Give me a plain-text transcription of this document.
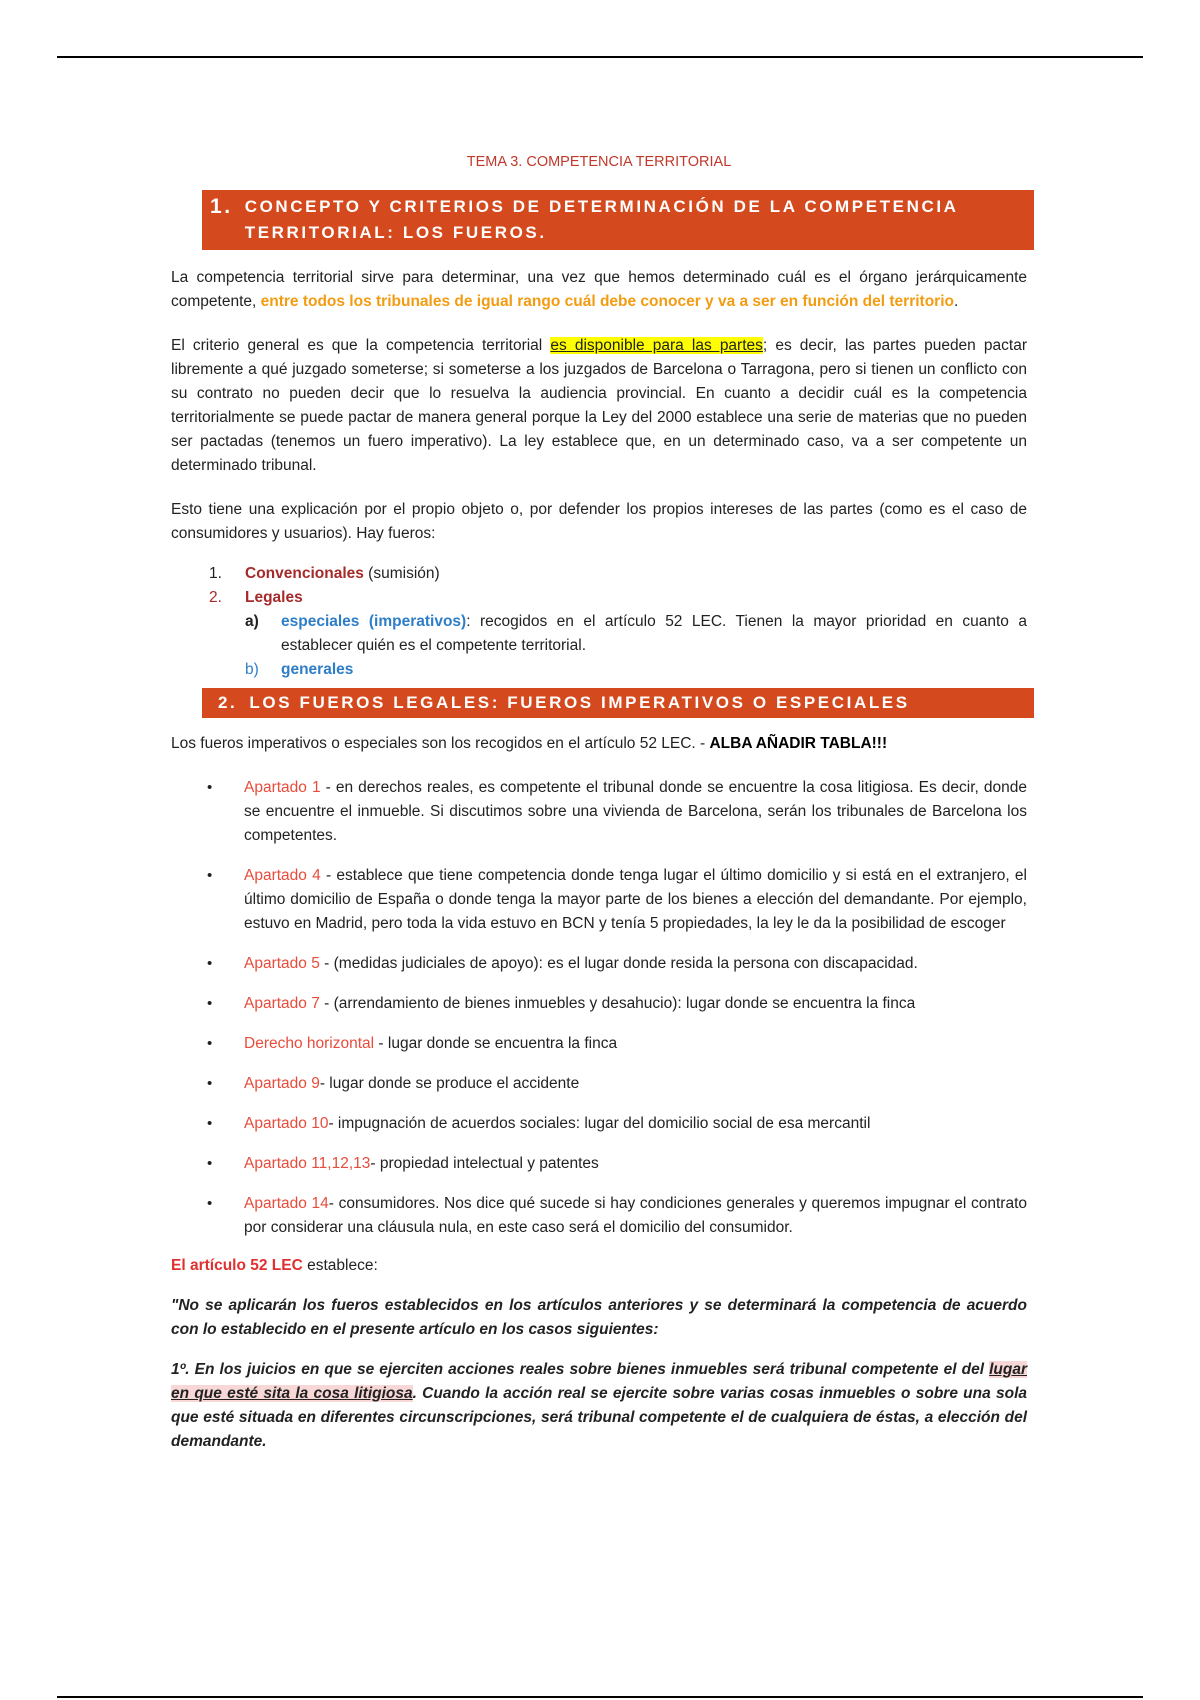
TEMA 3. COMPETENCIA TERRITORIAL
1. CONCEPTO Y CRITERIOS DE DETERMINACIÓN DE LA COMPETENCIA TERRITORIAL: LOS FUEROS.

La competencia territorial sirve para determinar, una vez que hemos determinado cuál es el órgano jerárquicamente competente, entre todos los tribunales de igual rango cuál debe conocer y va a ser en función del territorio.

El criterio general es que la competencia territorial es disponible para las partes; es decir, las partes pueden pactar libremente a qué juzgado someterse; si someterse a los juzgados de Barcelona o Tarragona, pero si tienen un conflicto con su contrato no pueden decir que lo resuelva la audiencia provincial. En cuanto a decidir cuál es la competencia territorialmente se puede pactar de manera general porque la Ley del 2000 establece una serie de materias que no pueden ser pactadas (tenemos un fuero imperativo). La ley establece que, en un determinado caso, va a ser competente un determinado tribunal.

Esto tiene una explicación por el propio objeto o, por defender los propios intereses de las partes (como es el caso de consumidores y usuarios). Hay fueros:

1.	Convencionales (sumisión)
2.	Legales
a)	especiales (imperativos): recogidos en el artículo 52 LEC. Tienen la mayor prioridad en cuanto a establecer quién es el competente territorial.
b)	generales
2. LOS FUEROS LEGALES: FUEROS IMPERATIVOS O ESPECIALES

Los fueros imperativos o especiales son los recogidos en el artículo 52 LEC. - ALBA AÑADIR TABLA!!!

•	Apartado 1 - en derechos reales, es competente el tribunal donde se encuentre la cosa litigiosa. Es decir, donde se encuentre el inmueble. Si discutimos sobre una vivienda de Barcelona, serán los tribunales de Barcelona los competentes.
•	Apartado 4 - establece que tiene competencia donde tenga lugar el último domicilio y si está en el extranjero, el último domicilio de España o donde tenga la mayor parte de los bienes a elección del demandante. Por ejemplo, estuvo en Madrid, pero toda la vida estuvo en BCN y tenía 5 propiedades, la ley le da la posibilidad de escoger
•	Apartado 5 - (medidas judiciales de apoyo): es el lugar donde resida la persona con discapacidad.
•	Apartado 7 - (arrendamiento de bienes inmuebles y desahucio): lugar donde se encuentra la finca
•	Derecho horizontal - lugar donde se encuentra la finca
•	Apartado 9- lugar donde se produce el accidente
•	Apartado 10- impugnación de acuerdos sociales: lugar del domicilio social de esa mercantil
•	Apartado 11,12,13- propiedad intelectual y patentes
•	Apartado 14- consumidores. Nos dice qué sucede si hay condiciones generales y queremos impugnar el contrato por considerar una cláusula nula, en este caso será el domicilio del consumidor.

El artículo 52 LEC establece:

"No se aplicarán los fueros establecidos en los artículos anteriores y se determinará la competencia de acuerdo con lo establecido en el presente artículo en los casos siguientes:

1º. En los juicios en que se ejerciten acciones reales sobre bienes inmuebles será tribunal competente el del lugar en que esté sita la cosa litigiosa. Cuando la acción real se ejercite sobre varias cosas inmuebles o sobre una sola que esté situada en diferentes circunscripciones, será tribunal competente el de cualquiera de éstas, a elección del demandante.
